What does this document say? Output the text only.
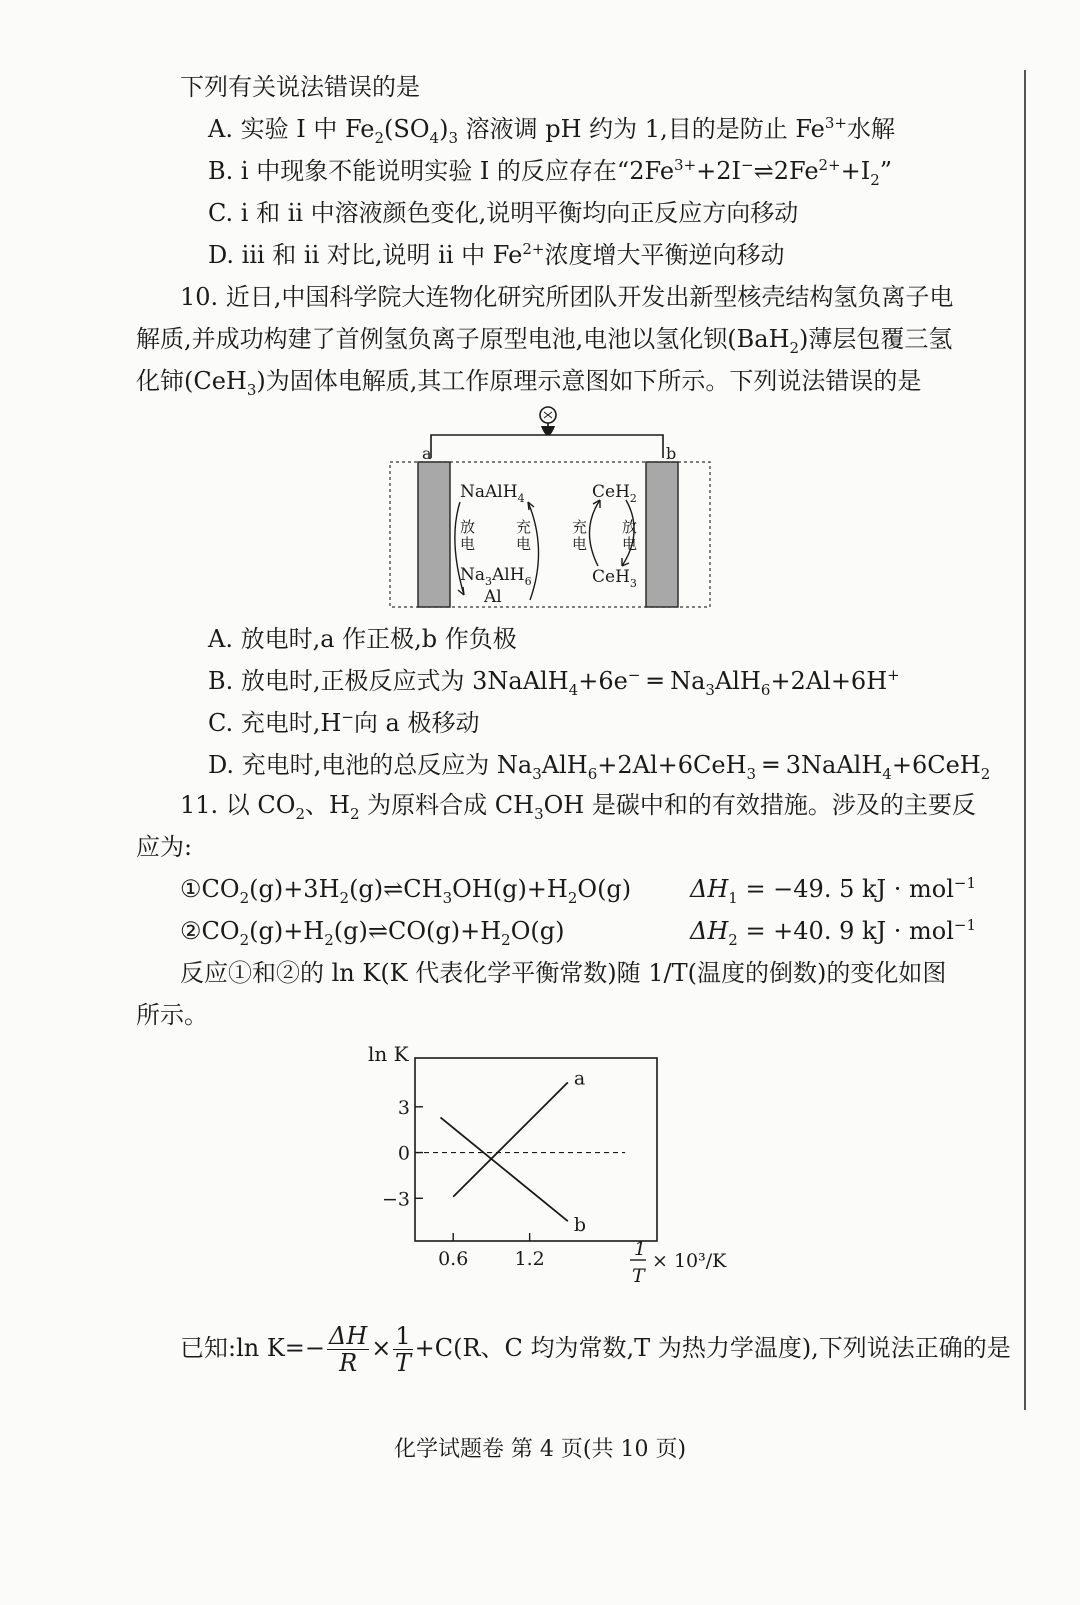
下列有关说法错误的是
A. 实验 I 中 $Fe_2(SO_4)_3$ 溶液调 pH 约为 1,目的是防止 $Fe^{3+}$水解
B. i 中现象不能说明实验 I 的反应存在“$2Fe^{3+}+2I^-\rightleftharpoons 2Fe^{2+}+I_2$”
C. i 和 ii 中溶液颜色变化,说明平衡均向正反应方向移动
D. iii 和 ii 对比,说明 ii 中 $Fe^{2+}$浓度增大平衡逆向移动
10. 近日,中国科学院大连物化研究所团队开发出新型核壳结构氢负离子电
解质,并成功构建了首例氢负离子原型电池,电池以氢化钡(BaH$_2$)薄层包覆三氢
化铈(CeH$_3$)为固体电解质,其工作原理示意图如下所示。下列说法错误的是
a	b
NaAlH$_4$
$Na_3AlH_6$
Al
放
电
充
电
CeH$_2$
CeH$_3$
充
电
放
电
A. 放电时,a 作正极,b 作负极
B. 放电时,正极反应式为 3NaAlH$_4$+6e− ═ $Na_3AlH_6+2Al+6H^+$
C. 充电时,H−向 a 极移动
D. 充电时,电池的总反应为 $Na_3AlH_6+2Al+6CeH_3$ ═ 3NaAlH$_4$+6CeH$_2$
11. 以 $CO_2$、$H_2$ 为原料合成 $CH_3OH$ 是碳中和的有效措施。涉及的主要反
应为:
$①CO_2(g)+3H_2(g)\rightleftharpoons CH_3OH(g)+H_2O(g) \Delta H_1 = -49$. 5 kJ · mol$^{-1}$
$②CO_2(g)+H_2(g)\rightleftharpoons CO(g)+H_2O(g)$	$\Delta H_2 = +40$. 9 kJ · mol$^{-1}$
反应①和②的 ln K(K 代表化学平衡常数)随 1/T(温度的倒数)的变化如图
所示。
ln K
3
0
−3
0.6 1.2
a
b
1
T
× 10³/K
已知:ln $K=- \frac{\Delta H}{R} \times \frac{1}{T} +C(R$、C 均为常数,T 为热力学温度),下列说法正确的是
化学试题卷 第 4 页(共 10 页)
